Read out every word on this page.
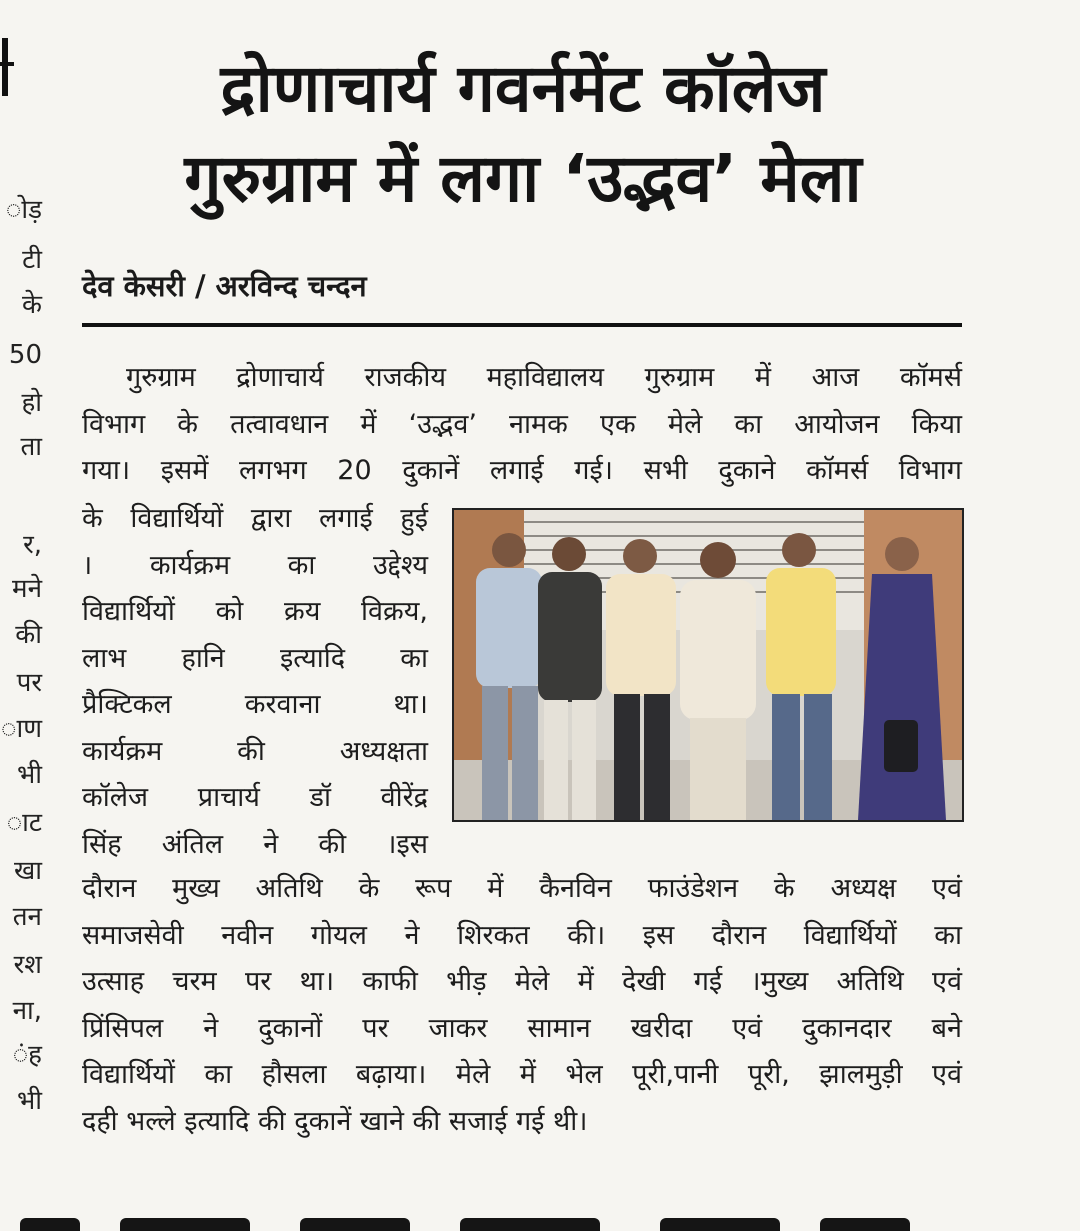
ोड़
टी
के
50
हो
ता
र,
मने
की
पर
ाण
भी
ाट
खा
तन
रश
ना,
ंह
भी
द्रोणाचार्य गवर्नमेंट कॉलेज
गुरुग्राम में लगा ‘उद्भव’ मेला
देव केसरी / अरविन्द चन्दन

गुरुग्राम द्रोणाचार्य राजकीय महाविद्यालय गुरुग्राम में आज कॉमर्स
विभाग के तत्वावधान में ‘उद्भव’ नामक एक मेले का आयोजन किया
गया। इसमें लगभग 20 दुकानें लगाई गई। सभी दुकाने कॉमर्स विभाग

के विद्यार्थियों द्वारा लगाई हुई
। कार्यक्रम का उद्देश्य
विद्यार्थियों को क्रय विक्रय,
लाभ हानि इत्यादि का
प्रैक्टिकल करवाना था।
कार्यक्रम की अध्यक्षता
कॉलेज प्राचार्य डॉ वीरेंद्र
सिंह अंतिल ने की ।इस

दौरान मुख्य अतिथि के रूप में कैनविन फाउंडेशन के अध्यक्ष एवं
समाजसेवी नवीन गोयल ने शिरकत की। इस दौरान विद्यार्थियों का
उत्साह चरम पर था। काफी भीड़ मेले में देखी गई ।मुख्य अतिथि एवं
प्रिंसिपल ने दुकानों पर जाकर सामान खरीदा एवं दुकानदार बने
विद्यार्थियों का हौसला बढ़ाया। मेले में भेल पूरी,पानी पूरी, झालमुड़ी एवं
दही भल्ले इत्यादि की दुकानें खाने की सजाई गई थी।
